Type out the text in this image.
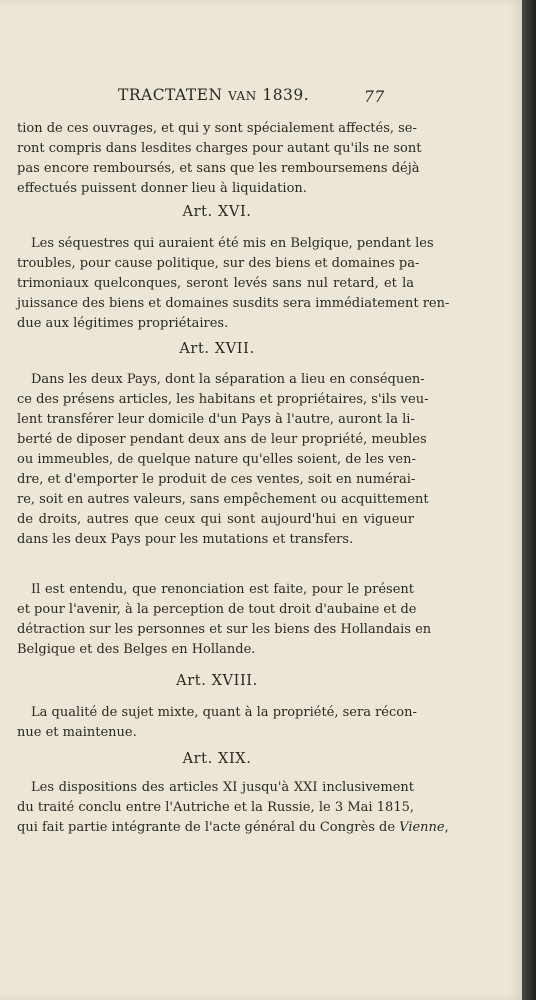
TRACTATEN VAN 1839.	77
tion de ces ouvrages, et qui y sont spécialement affectés, se-
ront compris dans lesdites charges pour autant qu'ils ne sont
pas encore remboursés, et sans que les remboursemens déjà
effectués puissent donner lieu à liquidation.
Art. XVI.
Les séquestres qui auraient été mis en Belgique, pendant les
troubles, pour cause politique, sur des biens et domaines pa-
trimoniaux quelconques, seront levés sans nul retard, et la
juissance des biens et domaines susdits sera immédiatement ren-
due aux légitimes propriétaires.
Art. XVII.
Dans les deux Pays, dont la séparation a lieu en conséquen-
ce des présens articles, les habitans et propriétaires, s'ils veu-
lent transférer leur domicile d'un Pays à l'autre, auront la li-
berté de diposer pendant deux ans de leur propriété, meubles
ou immeubles, de quelque nature qu'elles soient, de les ven-
dre, et d'emporter le produit de ces ventes, soit en numérai-
re, soit en autres valeurs, sans empêchement ou acquittement
de droits, autres que ceux qui sont aujourd'hui en vigueur
dans les deux Pays pour les mutations et transfers.
Il est entendu, que renonciation est faite, pour le présent
et pour l'avenir, à la perception de tout droit d'aubaine et de
détraction sur les personnes et sur les biens des Hollandais en
Belgique et des Belges en Hollande.
Art. XVIII.
La qualité de sujet mixte, quant à la propriété, sera récon-
nue et maintenue.
Art. XIX.
Les dispositions des articles XI jusqu'à XXI inclusivement
du traité conclu entre l'Autriche et la Russie, le 3 Mai 1815,
qui fait partie intégrante de l'acte général du Congrès de Vienne,
